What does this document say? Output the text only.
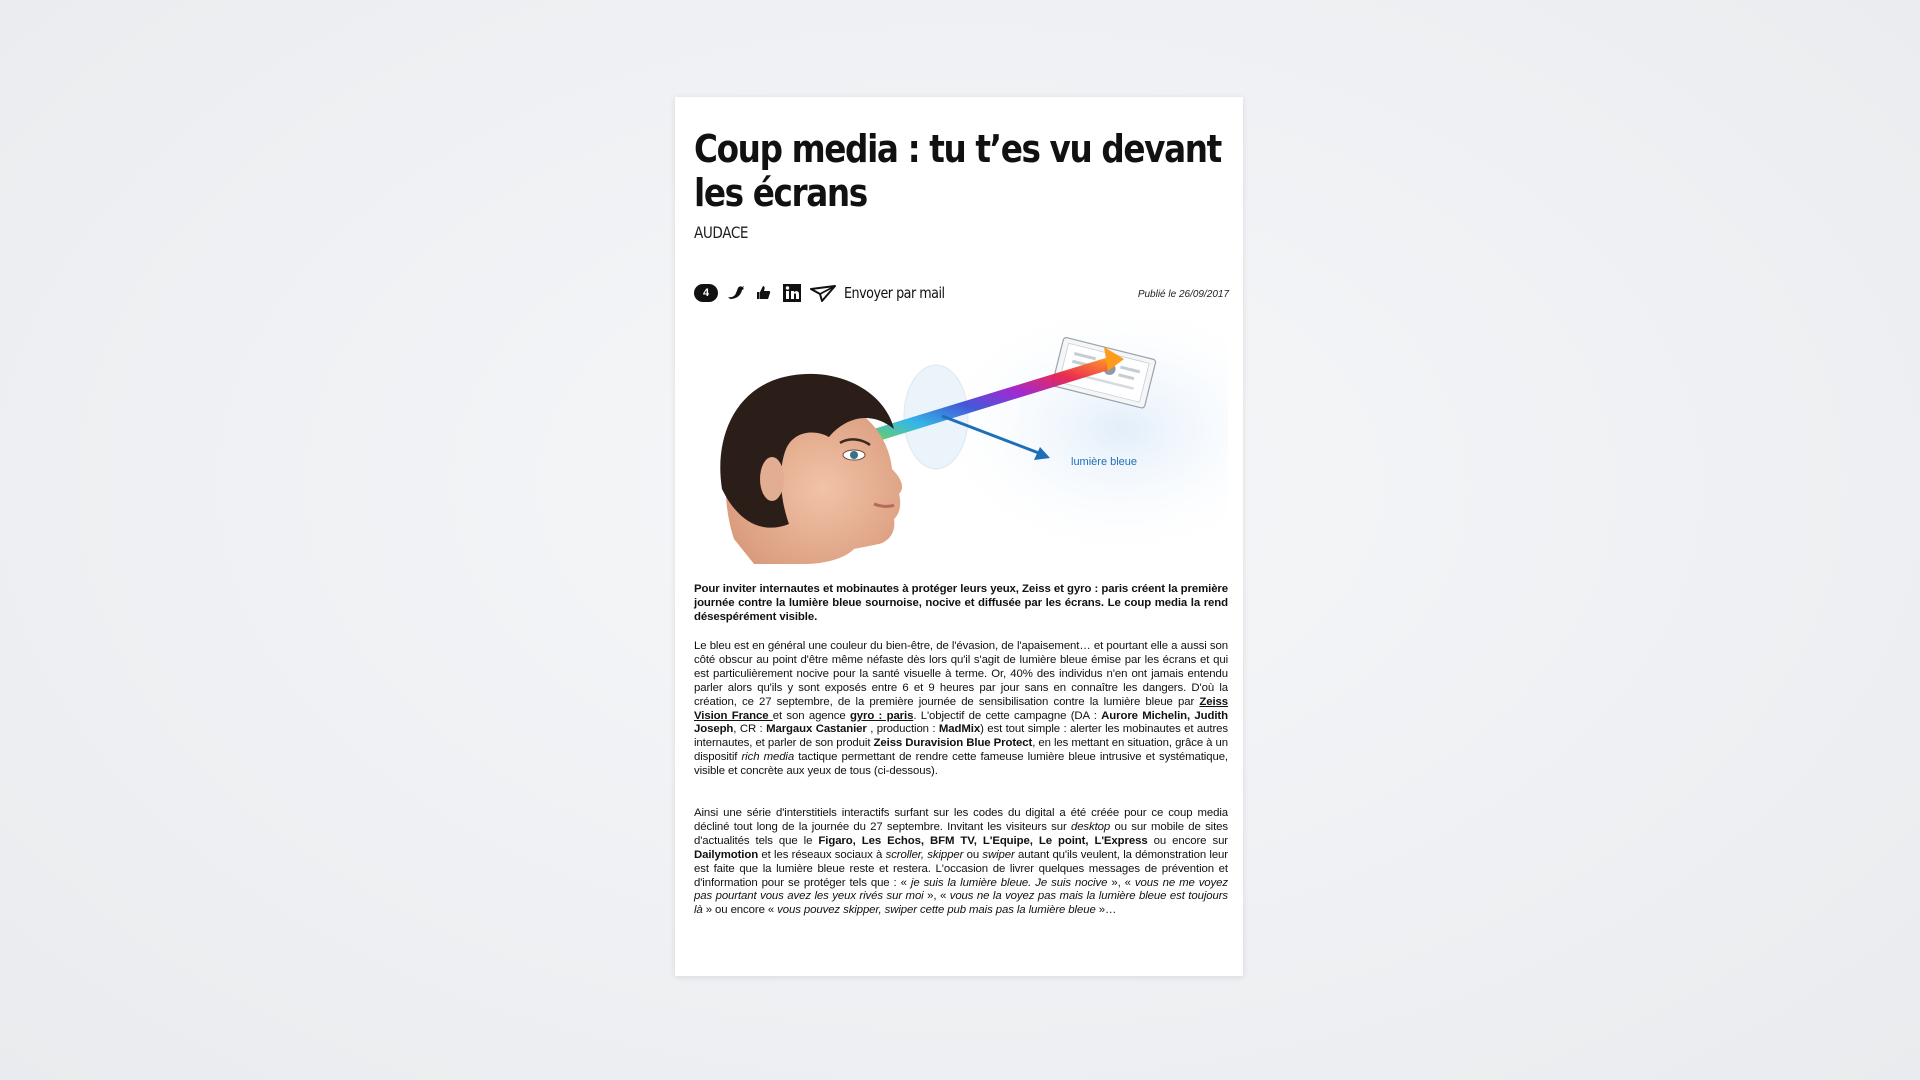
Coup media : tu t’es vu devant les écrans
AUDACE
4	Envoyer par mail	Publié le 26/09/2017
lumière bleue

Pour inviter internautes et mobinautes à protéger leurs yeux, Zeiss et gyro : paris créent la première journée contre la lumière bleue sournoise, nocive et diffusée par les écrans. Le coup media la rend désespérément visible.

Le bleu est en général une couleur du bien-être, de l'évasion, de l'apaisement… et pourtant elle a aussi son côté obscur au point d'être même néfaste dès lors qu'il s'agit de lumière bleue émise par les écrans et qui est particulièrement nocive pour la santé visuelle à terme. Or, 40% des individus n'en ont jamais entendu parler alors qu'ils y sont exposés entre 6 et 9 heures par jour sans en connaître les dangers. D'où la création, ce 27 septembre, de la première journée de sensibilisation contre la lumière bleue par Zeiss Vision France et son agence gyro : paris. L'objectif de cette campagne (DA : Aurore Michelin, Judith Joseph, CR : Margaux Castanier , production : MadMix) est tout simple : alerter les mobinautes et autres internautes, et parler de son produit Zeiss Duravision Blue Protect, en les mettant en situation, grâce à un dispositif rich media tactique permettant de rendre cette fameuse lumière bleue intrusive et systématique, visible et concrète aux yeux de tous (ci-dessous).

Ainsi une série d'interstitiels interactifs surfant sur les codes du digital a été créée pour ce coup media décliné tout long de la journée du 27 septembre. Invitant les visiteurs sur desktop ou sur mobile de sites d'actualités tels que le Figaro, Les Echos, BFM TV, L'Equipe, Le point, L'Express ou encore sur Dailymotion et les réseaux sociaux à scroller, skipper ou swiper autant qu'ils veulent, la démonstration leur est faite que la lumière bleue reste et restera. L'occasion de livrer quelques messages de prévention et d'information pour se protéger tels que : « je suis la lumière bleue. Je suis nocive », « vous ne me voyez pas pourtant vous avez les yeux rivés sur moi », « vous ne la voyez pas mais la lumière bleue est toujours là » ou encore « vous pouvez skipper, swiper cette pub mais pas la lumière bleue »…
